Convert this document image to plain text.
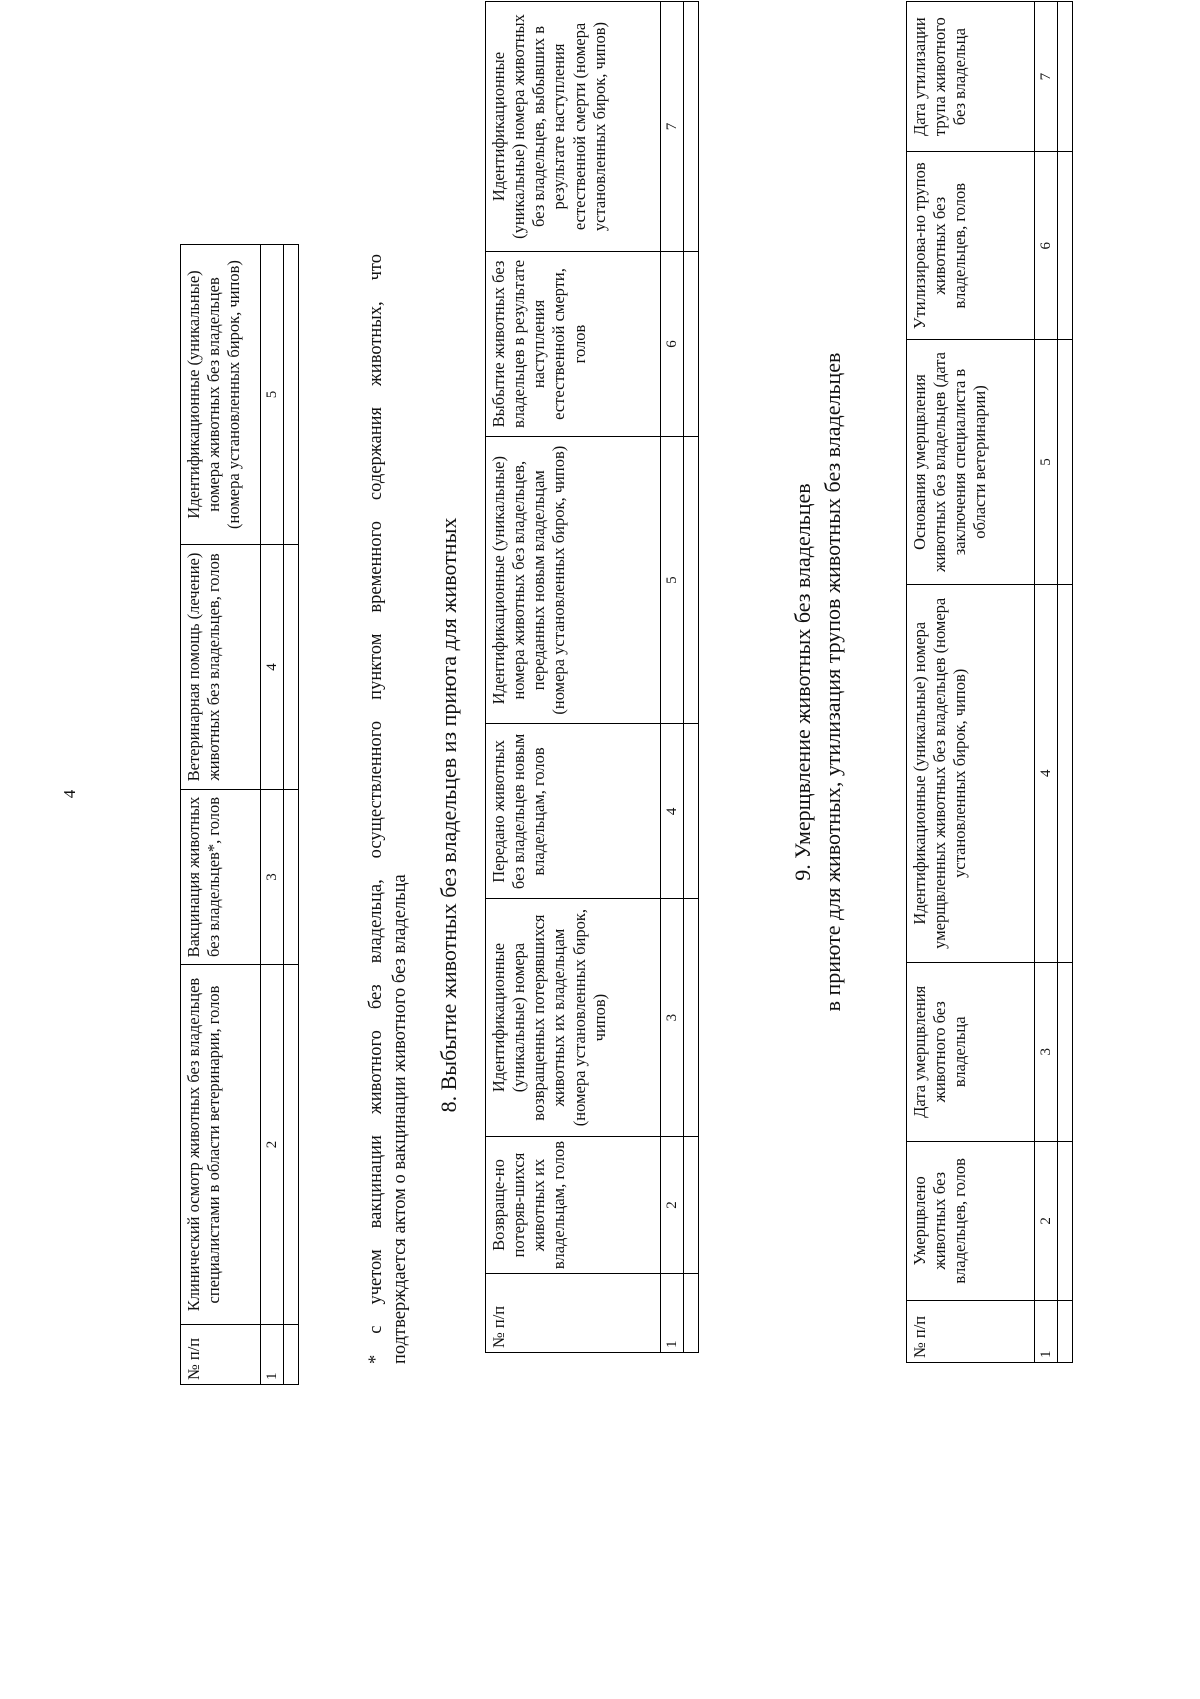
4
№ п/п	Клинический осмотр животных без владельцев специалистами в области ветеринарии, голов	Вакцинация животных без владельцев*, голов	Ветеринарная помощь (лечение) животных без владельцев, голов	Идентификационные (уникальные) номера животных без владельцев (номера установленных бирок, чипов)
1	2	3	4	5
					* с учетом вакцинации животного без владельца, осуществленного пунктом временного содержания животных, что подтверждается актом о вакцинации животного без владельца
8. Выбытие животных без владельцев из приюта для животных
№ п/п	Возвраще-но потеряв-шихся животных их владельцам, голов	Идентификационные (уникальные) номера возвращенных потерявшихся животных их владельцам (номера установленных бирок, чипов)	Передано животных без владельцев новым владельцам, голов	Идентификационные (уникальные) номера животных без владельцев, переданных новым владельцам (номера установленных бирок, чипов)	Выбытие животных без владельцев в результате наступления естественной смерти, голов	Идентификационные (уникальные) номера животных без владельцев, выбывших в результате наступления естественной смерти (номера установленных бирок, чипов)
1	2	3	4	5	6	7

9. Умерщвление животных без владельцев в приюте для животных, утилизация трупов животных без владельцев
№ п/п	Умерщвлено животных без владельцев, голов	Дата умерщвления животного без владельца	Идентификационные (уникальные) номера умерщвленных животных без владельцев (номера установленных бирок, чипов)	Основания умерщвления животных без владельцев (дата заключения специалиста в области ветеринарии)	Утилизирова-но трупов животных без владельцев, голов	Дата утилизации трупа животного без владельца
1	2	3	4	5	6	7
